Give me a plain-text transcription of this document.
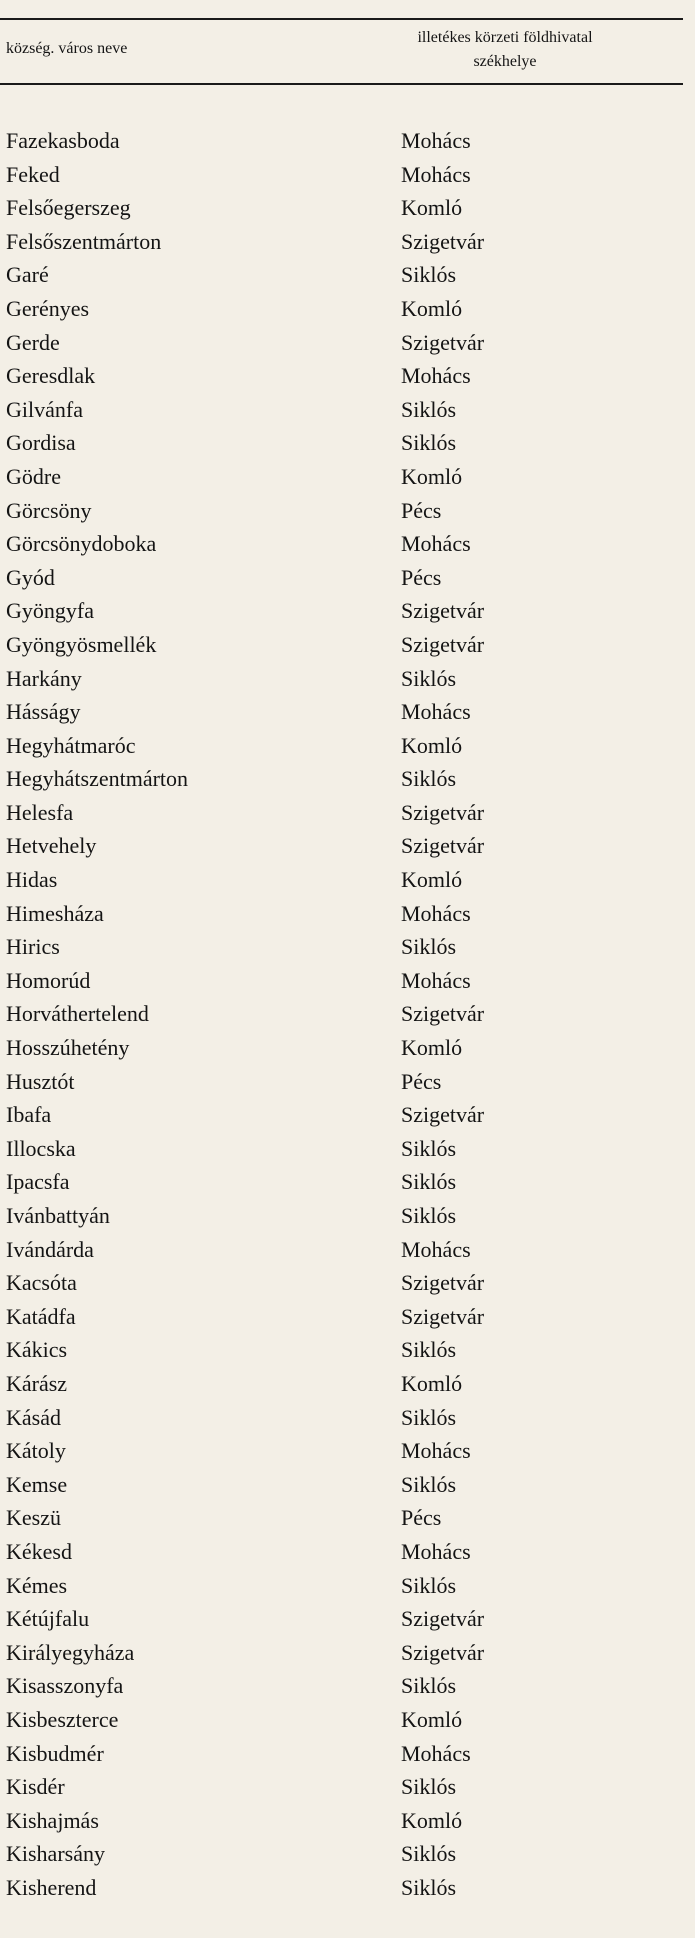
község. város neve
illetékes körzeti földhivatal
székhelye
Fazekasboda	Mohács
Feked	Mohács
Felsőegerszeg	Komló
Felsőszentmárton	Szigetvár
Garé	Siklós
Gerényes	Komló
Gerde	Szigetvár
Geresdlak	Mohács
Gilvánfa	Siklós
Gordisa	Siklós
Gödre	Komló
Görcsöny	Pécs
Görcsönydoboka	Mohács
Gyód	Pécs
Gyöngyfa	Szigetvár
Gyöngyösmellék	Szigetvár
Harkány	Siklós
Hásságy	Mohács
Hegyhátmaróc	Komló
Hegyhátszentmárton	Siklós
Helesfa	Szigetvár
Hetvehely	Szigetvár
Hidas	Komló
Himesháza	Mohács
Hirics	Siklós
Homorúd	Mohács
Horváthertelend	Szigetvár
Hosszúhetény	Komló
Husztót	Pécs
Ibafa	Szigetvár
Illocska	Siklós
Ipacsfa	Siklós
Ivánbattyán	Siklós
Ivándárda	Mohács
Kacsóta	Szigetvár
Katádfa	Szigetvár
Kákics	Siklós
Kárász	Komló
Kásád	Siklós
Kátoly	Mohács
Kemse	Siklós
Keszü	Pécs
Kékesd	Mohács
Kémes	Siklós
Kétújfalu	Szigetvár
Királyegyháza	Szigetvár
Kisasszonyfa	Siklós
Kisbeszterce	Komló
Kisbudmér	Mohács
Kisdér	Siklós
Kishajmás	Komló
Kisharsány	Siklós
Kisherend	Siklós
